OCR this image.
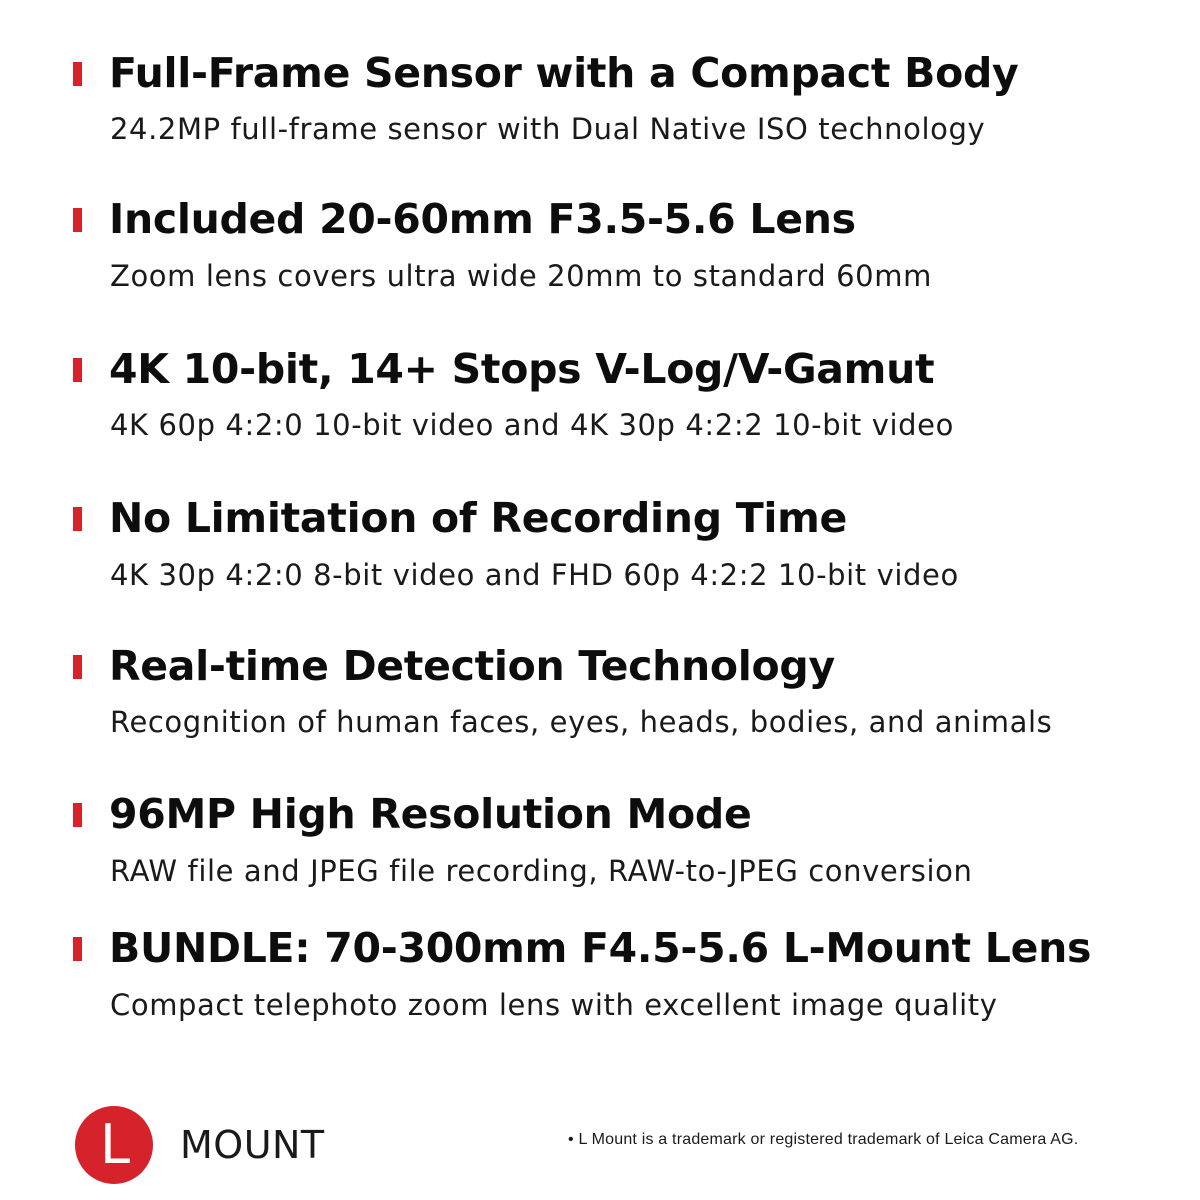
Full-Frame Sensor with a Compact Body
24.2MP full-frame sensor with Dual Native ISO technology
Included 20-60mm F3.5-5.6 Lens
Zoom lens covers ultra wide 20mm to standard 60mm
4K 10-bit, 14+ Stops V-Log/V-Gamut
4K 60p 4:2:0 10-bit video and 4K 30p 4:2:2 10-bit video
No Limitation of Recording Time
4K 30p 4:2:0 8-bit video and FHD 60p 4:2:2 10-bit video
Real-time Detection Technology
Recognition of human faces, eyes, heads, bodies, and animals
96MP High Resolution Mode
RAW file and JPEG file recording, RAW-to-JPEG conversion
BUNDLE: 70-300mm F4.5-5.6 L-Mount Lens
Compact telephoto zoom lens with excellent image quality
L MOUNT	• L Mount is a trademark or registered trademark of Leica Camera AG.
